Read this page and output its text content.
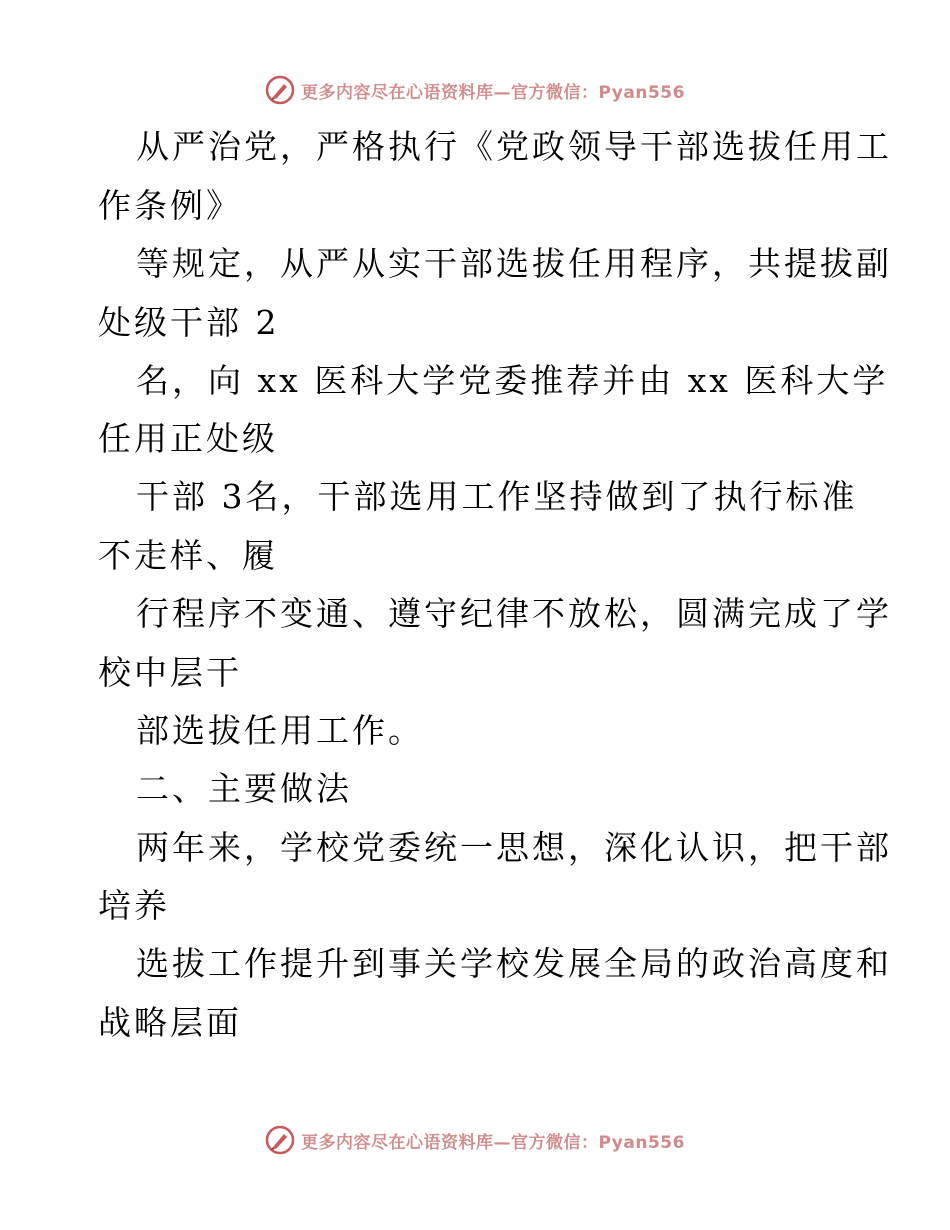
更多内容尽在心语资料库—官方微信：Pyan556
从严治党，严格执行《党政领导干部选拔任用工
作条例》
等规定，从严从实干部选拔任用程序，共提拔副
处级干部 2
名，向 xx 医科大学党委推荐并由 xx 医科大学
任用正处级
干部 3名，干部选用工作坚持做到了执行标准
不走样、履
行程序不变通、遵守纪律不放松，圆满完成了学
校中层干
部选拔任用工作。
二、主要做法
两年来，学校党委统一思想，深化认识，把干部
培养
选拔工作提升到事关学校发展全局的政治高度和
战略层面
更多内容尽在心语资料库—官方微信：Pyan556
